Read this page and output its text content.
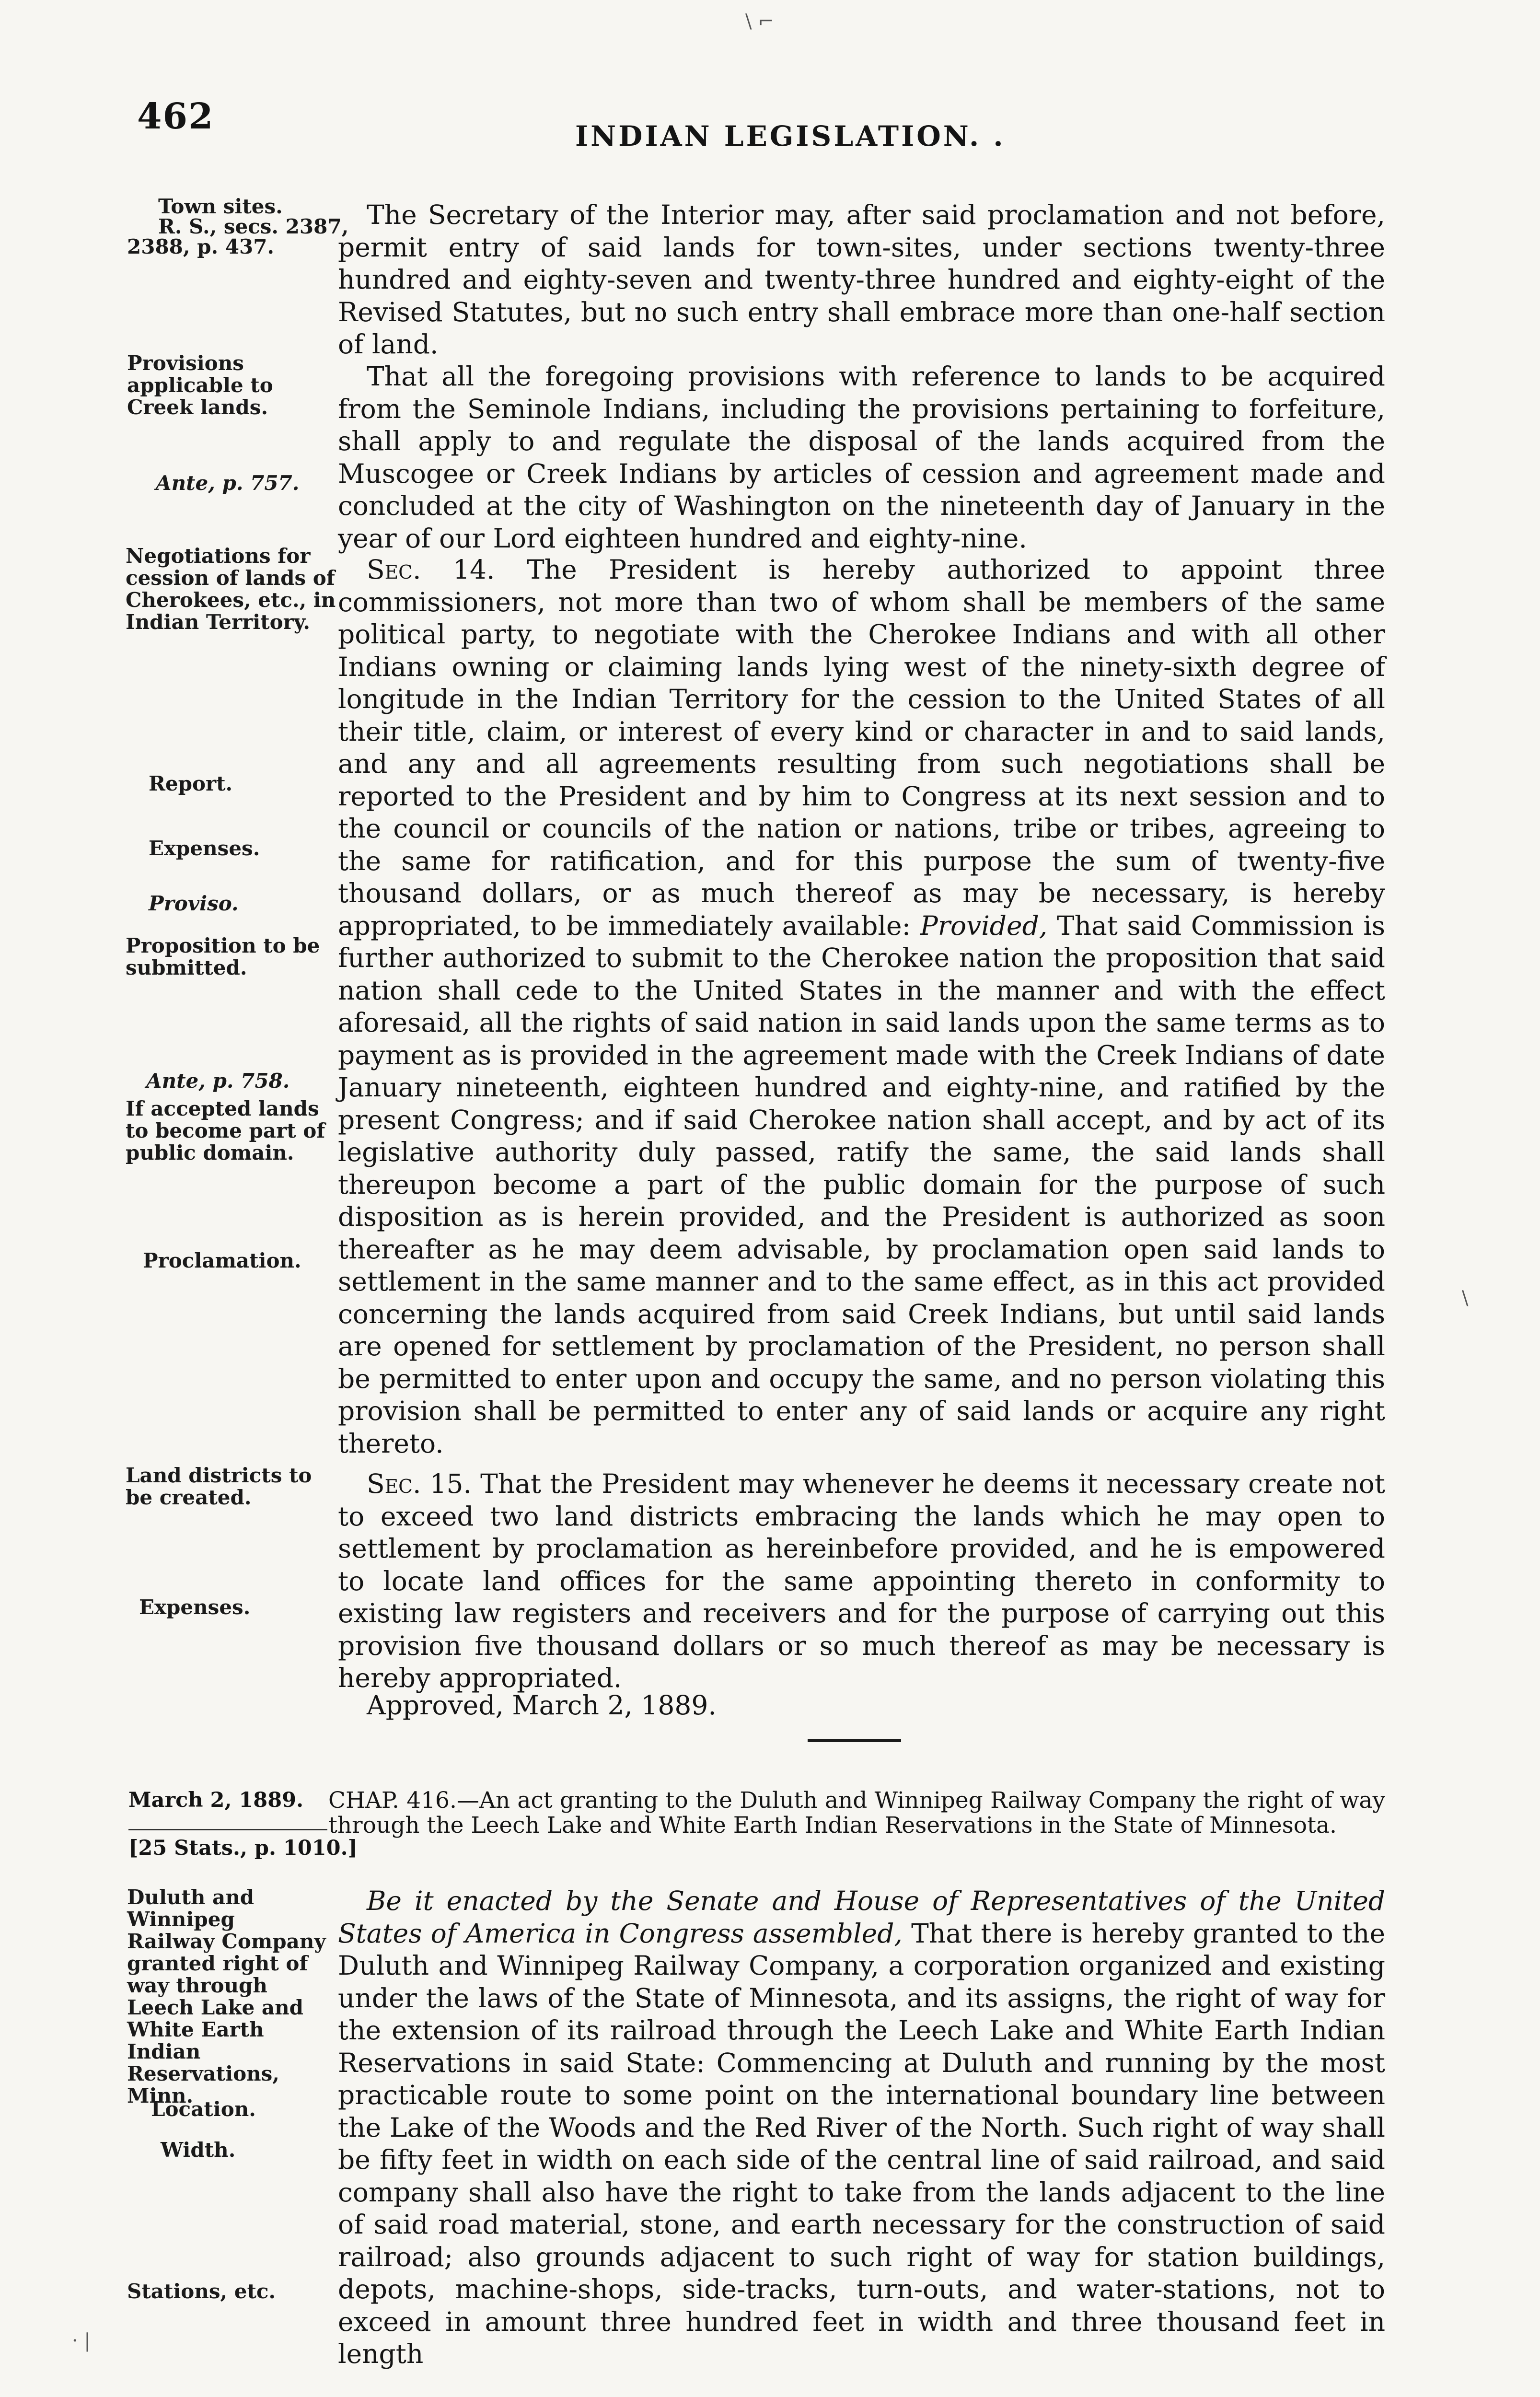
462	INDIAN LEGISLATION. .
Town sites.
R. S., secs. 2387,
2388, p. 437.
Provisions applicable to Creek lands.
Ante, p. 757.
Negotiations for cession of lands of Cherokees, etc., in Indian Territory.
Report.
Expenses.
Proviso.
Proposition to be submitted.
Ante, p. 758.
If accepted lands to become part of public domain.
Proclamation.
Land districts to be created.
Expenses.

The Secretary of the Interior may, after said proclamation and not before, permit entry of said lands for town-sites, under sections twenty-three hundred and eighty-seven and twenty-three hundred and eighty-eight of the Revised Statutes, but no such entry shall embrace more than one-half section of land.

That all the foregoing provisions with reference to lands to be acquired from the Seminole Indians, including the provisions pertaining to forfeiture, shall apply to and regulate the disposal of the lands acquired from the Muscogee or Creek Indians by articles of cession and agreement made and concluded at the city of Washington on the nineteenth day of January in the year of our Lord eighteen hundred and eighty-nine.

Sec. 14. The President is hereby authorized to appoint three commissioners, not more than two of whom shall be members of the same political party, to negotiate with the Cherokee Indians and with all other Indians owning or claiming lands lying west of the ninety-sixth degree of longitude in the Indian Territory for the cession to the United States of all their title, claim, or interest of every kind or character in and to said lands, and any and all agreements resulting from such negotiations shall be reported to the President and by him to Congress at its next session and to the council or councils of the nation or nations, tribe or tribes, agreeing to the same for ratification, and for this purpose the sum of twenty-five thousand dollars, or as much thereof as may be necessary, is hereby appropriated, to be immediately available: Provided, That said Commission is further authorized to submit to the Cherokee nation the proposition that said nation shall cede to the United States in the manner and with the effect aforesaid, all the rights of said nation in said lands upon the same terms as to payment as is provided in the agreement made with the Creek Indians of date January nineteenth, eighteen hundred and eighty-nine, and ratified by the present Congress; and if said Cherokee nation shall accept, and by act of its legislative authority duly passed, ratify the same, the said lands shall thereupon become a part of the public domain for the purpose of such disposition as is herein provided, and the President is authorized as soon thereafter as he may deem advisable, by proclamation open said lands to settlement in the same manner and to the same effect, as in this act provided concerning the lands acquired from said Creek Indians, but until said lands are opened for settlement by proclamation of the President, no person shall be permitted to enter upon and occupy the same, and no person violating this provision shall be permitted to enter any of said lands or acquire any right thereto.

Sec. 15. That the President may whenever he deems it necessary create not to exceed two land districts embracing the lands which he may open to settlement by proclamation as hereinbefore provided, and he is empowered to locate land offices for the same appointing thereto in conformity to existing law registers and receivers and for the purpose of carrying out this provision five thousand dollars or so much thereof as may be necessary is hereby appropriated.

Approved, March 2, 1889.
March 2, 1889.
[25 Stats., p. 1010.]
CHAP. 416.—An act granting to the Duluth and Winnipeg Railway Company the right of way through the Leech Lake and White Earth Indian Reservations in the State of Minnesota.
Duluth and Winnipeg Railway Company granted right of way through Leech Lake and White Earth Indian Reservations, Minn.
Location.
Width.
Stations, etc.

Be it enacted by the Senate and House of Representatives of the United States of America in Congress assembled, That there is hereby granted to the Duluth and Winnipeg Railway Company, a corporation organized and existing under the laws of the State of Minnesota, and its assigns, the right of way for the extension of its railroad through the Leech Lake and White Earth Indian Reservations in said State: Commencing at Duluth and running by the most practicable route to some point on the international boundary line between the Lake of the Woods and the Red River of the North. Such right of way shall be fifty feet in width on each side of the central line of said railroad, and said company shall also have the right to take from the lands adjacent to the line of said road material, stone, and earth necessary for the construction of said railroad; also grounds adjacent to such right of way for station buildings, depots, machine-shops, side-tracks, turn-outs, and water-stations, not to exceed in amount three hundred feet in width and three thousand feet in length

\ ⌐
\
· |
